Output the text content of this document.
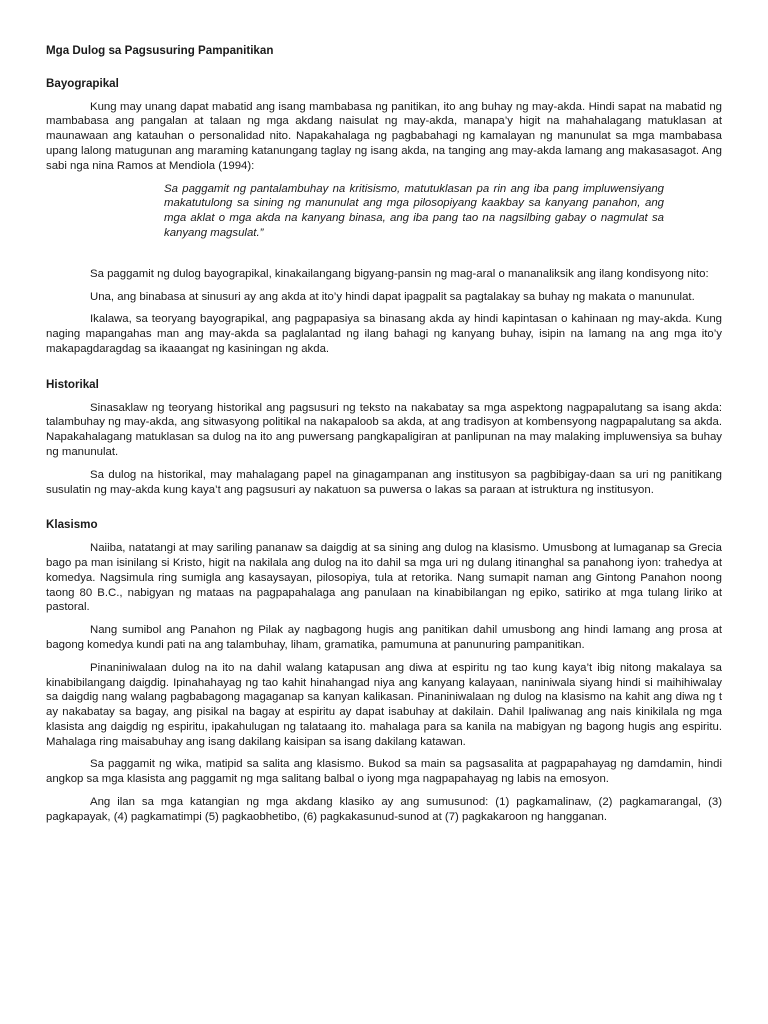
Mga Dulog sa Pagsusuring Pampanitikan
Bayograpikal

Kung may unang dapat mabatid ang isang mambabasa ng panitikan, ito ang buhay ng may-akda. Hindi sapat na mabatid ng mambabasa ang pangalan at talaan ng mga akdang naisulat ng may-akda, manapa’y higit na mahahalagang matuklasan at maunawaan ang katauhan o personalidad nito. Napakahalaga ng pagbabahagi ng kamalayan ng manunulat sa mga mambabasa upang lalong matugunan ang maraming katanungang taglay ng isang akda, na tanging ang may-akda lamang ang makasasagot. Ang sabi nga nina Ramos at Mendiola (1994):

Sa paggamit ng pantalambuhay na kritisismo, matutuklasan pa rin ang iba pang impluwensiyang makatutulong sa sining ng manunulat ang mga pilosopiyang kaakbay sa kanyang panahon, ang mga aklat o mga akda na kanyang binasa, ang iba pang tao na nagsilbing gabay o nagmulat sa kanyang magsulat.”

Sa paggamit ng dulog bayograpikal, kinakailangang bigyang-pansin ng mag-aral o mananaliksik ang ilang kondisyong nito:

Una, ang binabasa at sinusuri ay ang akda at ito’y hindi dapat ipagpalit sa pagtalakay sa buhay ng makata o manunulat.

Ikalawa, sa teoryang bayograpikal, ang pagpapasiya sa binasang akda ay hindi kapintasan o kahinaan ng may-akda. Kung naging mapangahas man ang may-akda sa paglalantad ng ilang bahagi ng kanyang buhay, isipin na lamang na ang mga ito’y makapagdaragdag sa ikaaangat ng kasiningan ng akda.

Historikal

Sinasaklaw ng teoryang historikal ang pagsusuri ng teksto na nakabatay sa mga aspektong nagpapalutang sa isang akda: talambuhay ng may-akda, ang sitwasyong politikal na nakapaloob sa akda, at ang tradisyon at kombensyong nagpapalutang sa akda. Napakahalagang matuklasan sa dulog na ito ang puwersang pangkapaligiran at panlipunan na may malaking impluwensiya sa buhay ng manunulat.

Sa dulog na historikal, may mahalagang papel na ginagampanan ang institusyon sa pagbibigay-daan sa uri ng panitikang susulatin ng may-akda kung kaya’t ang pagsusuri ay nakatuon sa puwersa o lakas sa paraan at istruktura ng institusyon.

Klasismo

Naiiba, natatangi at may sariling pananaw sa daigdig at sa sining ang dulog na klasismo. Umusbong at lumaganap sa Grecia bago pa man isinilang si Kristo, higit na nakilala ang dulog na ito dahil sa mga uri ng dulang itinanghal sa panahong iyon: trahedya at komedya. Nagsimula ring sumigla ang kasaysayan, pilosopiya, tula at retorika. Nang sumapit naman ang Gintong Panahon noong taong 80 B.C., nabigyan ng mataas na pagpapahalaga ang panulaan na kinabibilangan ng epiko, satiriko at mga tulang liriko at pastoral.

Nang sumibol ang Panahon ng Pilak ay nagbagong hugis ang panitikan dahil umusbong ang hindi lamang ang prosa at bagong komedya kundi pati na ang talambuhay, liham, gramatika, pamumuna at panunuring pampanitikan.

Pinaniniwalaan dulog na ito na dahil walang katapusan ang diwa at espiritu ng tao kung kaya’t ibig nitong makalaya sa kinabibilangang daigdig. Ipinahahayag ng tao kahit hinahangad niya ang kanyang kalayaan, naniniwala siyang hindi si maihihiwalay sa daigdig nang walang pagbabagong magaganap sa kanyan kalikasan. Pinaniniwalaan ng dulog na klasismo na kahit ang diwa ng t ay nakabatay sa bagay, ang pisikal na bagay at espiritu ay dapat isabuhay at dakilain. Dahil Ipaliwanag ang nais kinikilala ng mga klasista ang daigdig ng espiritu, ipakahulugan ng talataang ito. mahalaga para sa kanila na mabigyan ng bagong hugis ang espiritu. Mahalaga ring maisabuhay ang isang dakilang kaisipan sa isang dakilang katawan.

Sa paggamit ng wika, matipid sa salita ang klasismo. Bukod sa main sa pagsasalita at pagpapahayag ng damdamin, hindi angkop sa mga klasista ang paggamit ng mga salitang balbal o iyong mga nagpapahayag ng labis na emosyon.

Ang ilan sa mga katangian ng mga akdang klasiko ay ang sumusunod: (1) pagkamalinaw, (2) pagkamarangal, (3) pagkapayak, (4) pagkamatimpi (5) pagkaobhetibo, (6) pagkakasunud-sunod at (7) pagkakaroon ng hangganan.
